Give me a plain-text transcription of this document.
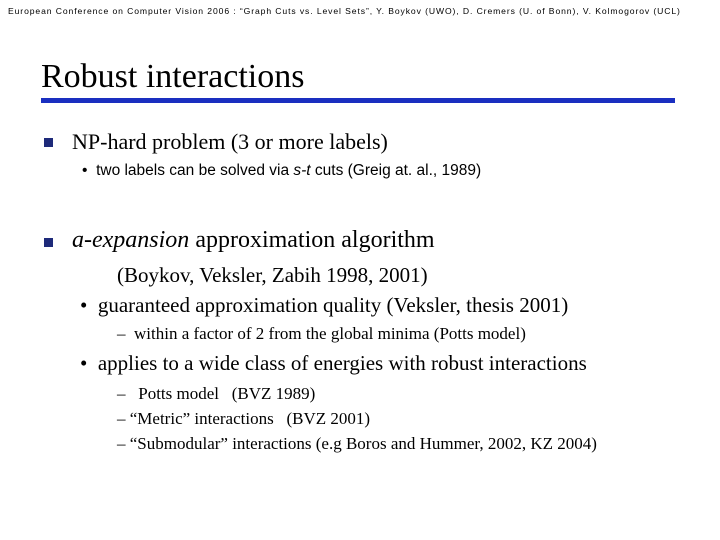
European Conference on Computer Vision 2006 : “Graph Cuts vs. Level Sets”, Y. Boykov (UWO), D. Cremers (U. of Bonn), V. Kolmogorov (UCL)
Robust interactions
NP-hard problem (3 or more labels)
• two labels can be solved via s-t cuts (Greig at. al., 1989)
a-expansion approximation algorithm
(Boykov, Veksler, Zabih 1998, 2001)
• guaranteed approximation quality (Veksler, thesis 2001)
– within a factor of 2 from the global minima (Potts model)
• applies to a wide class of energies with robust interactions
–   Potts model   (BVZ 1989)
– “Metric” interactions   (BVZ 2001)
– “Submodular” interactions (e.g Boros and Hummer, 2002, KZ 2004)
